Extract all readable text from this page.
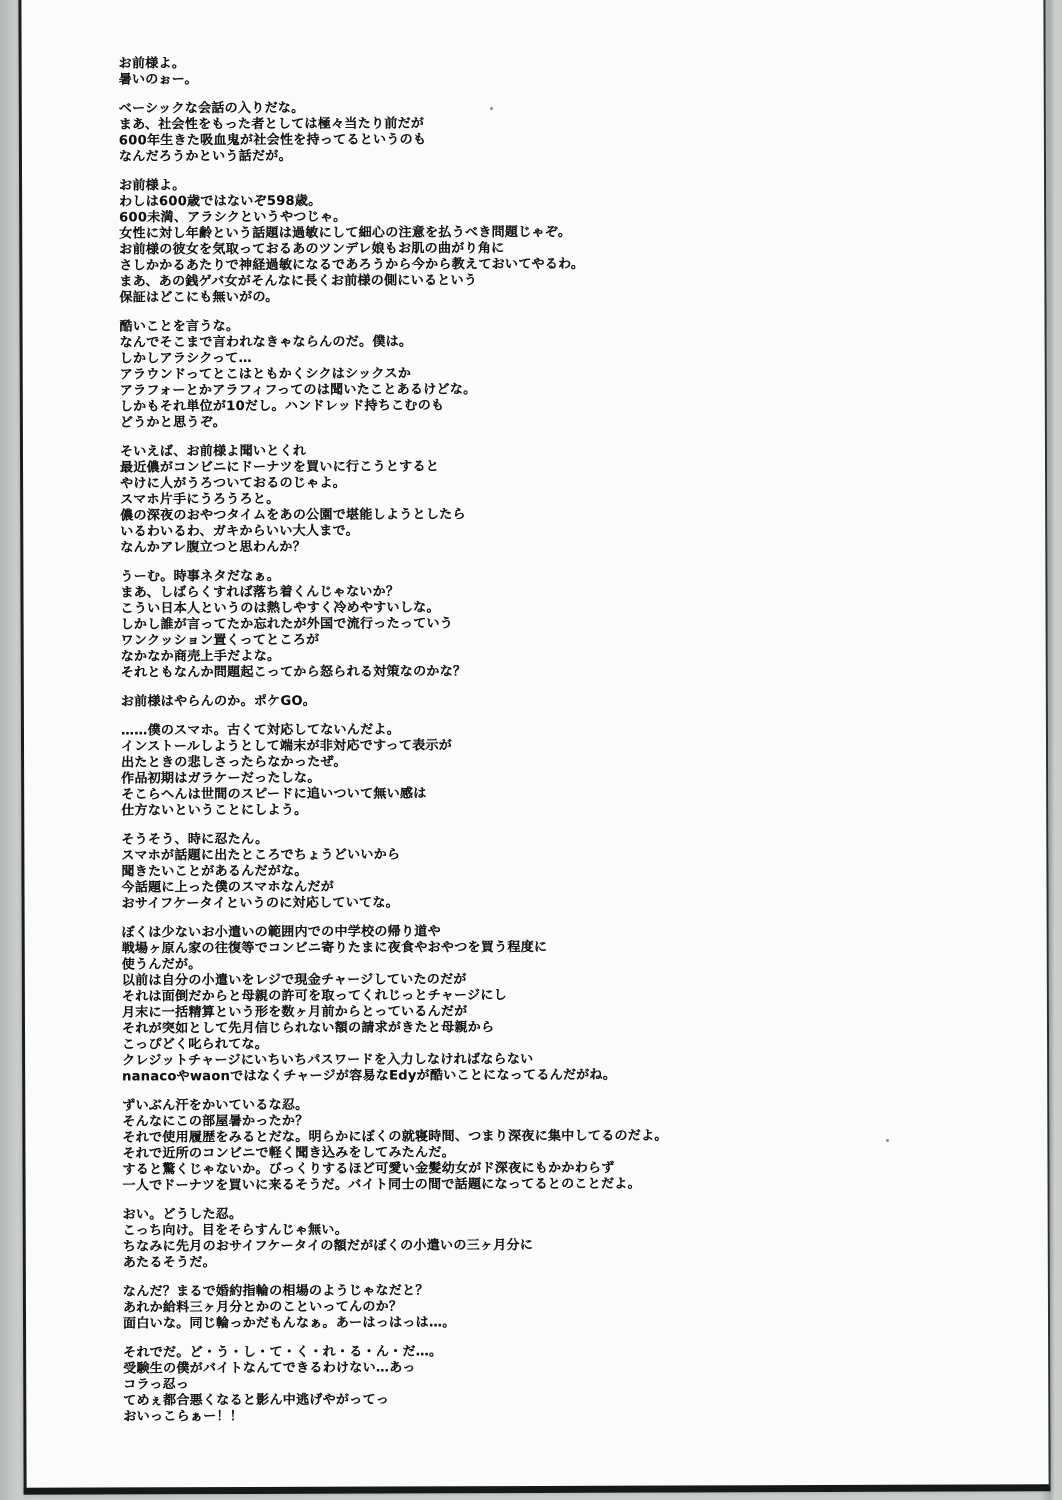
お前様よ。
暑いのぉー。

ベーシックな会話の入りだな。
まあ、社会性をもった者としては極々当たり前だが
600年生きた吸血鬼が社会性を持ってるというのも
なんだろうかという話だが。

お前様よ。
わしは600歳ではないぞ598歳。
600未満、アラシクというやつじゃ。
女性に対し年齢という話題は過敏にして細心の注意を払うべき問題じゃぞ。
お前様の彼女を気取っておるあのツンデレ娘もお肌の曲がり角に
さしかかるあたりで神経過敏になるであろうから今から教えておいてやるわ。
まあ、あの銭ゲバ女がそんなに長くお前様の側にいるという
保証はどこにも無いがの。

酷いことを言うな。
なんでそこまで言われなきゃならんのだ。僕は。
しかしアラシクって…
アラウンドってとこはともかくシクはシックスか
アラフォーとかアラフィフってのは聞いたことあるけどな。
しかもそれ単位が10だし。ハンドレッド持ちこむのも
どうかと思うぞ。

そいえば、お前様よ聞いとくれ
最近儂がコンビニにドーナツを買いに行こうとすると
やけに人がうろついておるのじゃよ。
スマホ片手にうろうろと。
儂の深夜のおやつタイムをあの公園で堪能しようとしたら
いるわいるわ、ガキからいい大人まで。
なんかアレ腹立つと思わんか？

うーむ。時事ネタだなぁ。
まあ、しばらくすれば落ち着くんじゃないか？
こうい日本人というのは熱しやすく冷めやすいしな。
しかし誰が言ってたか忘れたが外国で流行ったっていう
ワンクッション置くってところが
なかなか商売上手だよな。
それともなんか問題起こってから怒られる対策なのかな？

お前様はやらんのか。ポケGO。

……僕のスマホ。古くて対応してないんだよ。
インストールしようとして端末が非対応ですって表示が
出たときの悲しさったらなかったぜ。
作品初期はガラケーだったしな。
そこらへんは世間のスピードに追いついて無い感は
仕方ないということにしよう。

そうそう、時に忍たん。
スマホが話題に出たところでちょうどいいから
聞きたいことがあるんだがな。
今話題に上った僕のスマホなんだが
おサイフケータイというのに対応していてな。

ぼくは少ないお小遣いの範囲内での中学校の帰り道や
戦場ヶ原ん家の往復等でコンビニ寄りたまに夜食やおやつを買う程度に
使うんだが。
以前は自分の小遣いをレジで現金チャージしていたのだが
それは面倒だからと母親の許可を取ってくれじっとチャージにし
月末に一括精算という形を数ヶ月前からとっているんだが
それが突如として先月信じられない額の請求がきたと母親から
こっぴどく叱られてな。
クレジットチャージにいちいちパスワードを入力しなければならない
nanacoやwaonではなくチャージが容易なEdyが酷いことになってるんだがね。

ずいぶん汗をかいているな忍。
そんなにこの部屋暑かったか？
それで使用履歴をみるとだな。明らかにぼくの就寝時間、つまり深夜に集中してるのだよ。
それで近所のコンビニで軽く聞き込みをしてみたんだ。
すると驚くじゃないか。びっくりするほど可愛い金髪幼女がド深夜にもかかわらず
一人でドーナツを買いに来るそうだ。バイト同士の間で話題になってるとのことだよ。

おい。どうした忍。
こっち向け。目をそらすんじゃ無い。
ちなみに先月のおサイフケータイの額だがぼくの小遣いの三ヶ月分に
あたるそうだ。

なんだ？まるで婚約指輪の相場のようじゃなだと？
あれか給料三ヶ月分とかのこといってんのか？
面白いな。同じ輪っかだもんなぁ。あーはっはっは…。

それでだ。ど・う・し・て・く・れ・る・ん・だ…。
受験生の僕がバイトなんてできるわけない…あっ
コラっ忍っ
てめぇ都合悪くなると影ん中逃げやがってっ
おいっこらぁー！！
